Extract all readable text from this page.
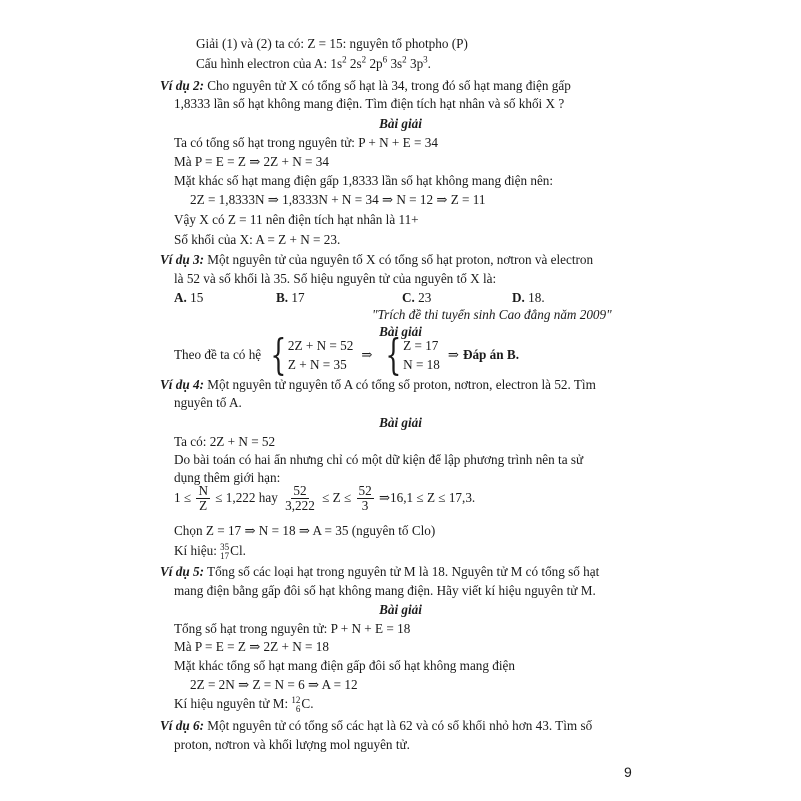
Giải (1) và (2) ta có: Z = 15: nguyên tố photpho (P)
Cấu hình electron của A: $1s^2$ $2s^2$ $2p^6$ $3s^2$ $3p^3$.
Ví dụ 2: Cho nguyên tử X có tổng số hạt là 34, trong đó số hạt mang điện gấp
1,8333 lần số hạt không mang điện. Tìm điện tích hạt nhân và số khối X ?
Bài giải
Ta có tổng số hạt trong nguyên tử: P + N + E = 34
Mà P = E = Z ⇒ 2Z + N = 34
Mặt khác số hạt mang điện gấp 1,8333 lần số hạt không mang điện nên:
2Z = 1,8333N ⇒ 1,8333N + N = 34 ⇒ N = 12 ⇒ Z = 11
Vậy X có Z = 11 nên điện tích hạt nhân là 11+
Số khối của X: A = Z + N = 23.
Ví dụ 3: Một nguyên tử của nguyên tố X có tổng số hạt proton, nơtron và electron
là 52 và số khối là 35. Số hiệu nguyên tử của nguyên tố X là:
A. 15	B. 17	C. 23	D. 18.
"Trích đề thi tuyển sinh Cao đẳng năm 2009"
Bài giải
Theo đề ta có hệ { 2Z + N = 52
Z + N = 35
⇒ { Z = 17
N = 18
⇒ Đáp án B.
Ví dụ 4: Một nguyên tử nguyên tố A có tổng số proton, nơtron, electron là 52. Tìm
nguyên tố A.
Bài giải
Ta có: 2Z + N = 52
Do bài toán có hai ẩn nhưng chỉ có một dữ kiện để lập phương trình nên ta sử
dụng thêm giới hạn:
$1 \le \frac{N}{Z} \le 1,222$ hay $\frac{52}{3,222} \le Z \le \frac{52}{3}$ ⇒16,1 ≤ Z ≤ 17,3.
Chọn Z = 17 ⇒ N = 18 ⇒ A = 35 (nguyên tố Clo)
Kí hiệu: 35
17 Cl.
Ví dụ 5: Tổng số các loại hạt trong nguyên tử M là 18. Nguyên tử M có tổng số hạt
mang điện bằng gấp đôi số hạt không mang điện. Hãy viết kí hiệu nguyên tử M.
Bài giải
Tổng số hạt trong nguyên tử: P + N + E = 18
Mà P = E = Z ⇒ 2Z + N = 18
Mặt khác tổng số hạt mang điện gấp đôi số hạt không mang điện
2Z = 2N ⇒ Z = N = 6 ⇒ A = 12
Kí hiệu nguyên tử M: 12
6 C.
Ví dụ 6: Một nguyên tử có tổng số các hạt là 62 và có số khối nhỏ hơn 43. Tìm số
proton, nơtron và khối lượng mol nguyên tử.
9
